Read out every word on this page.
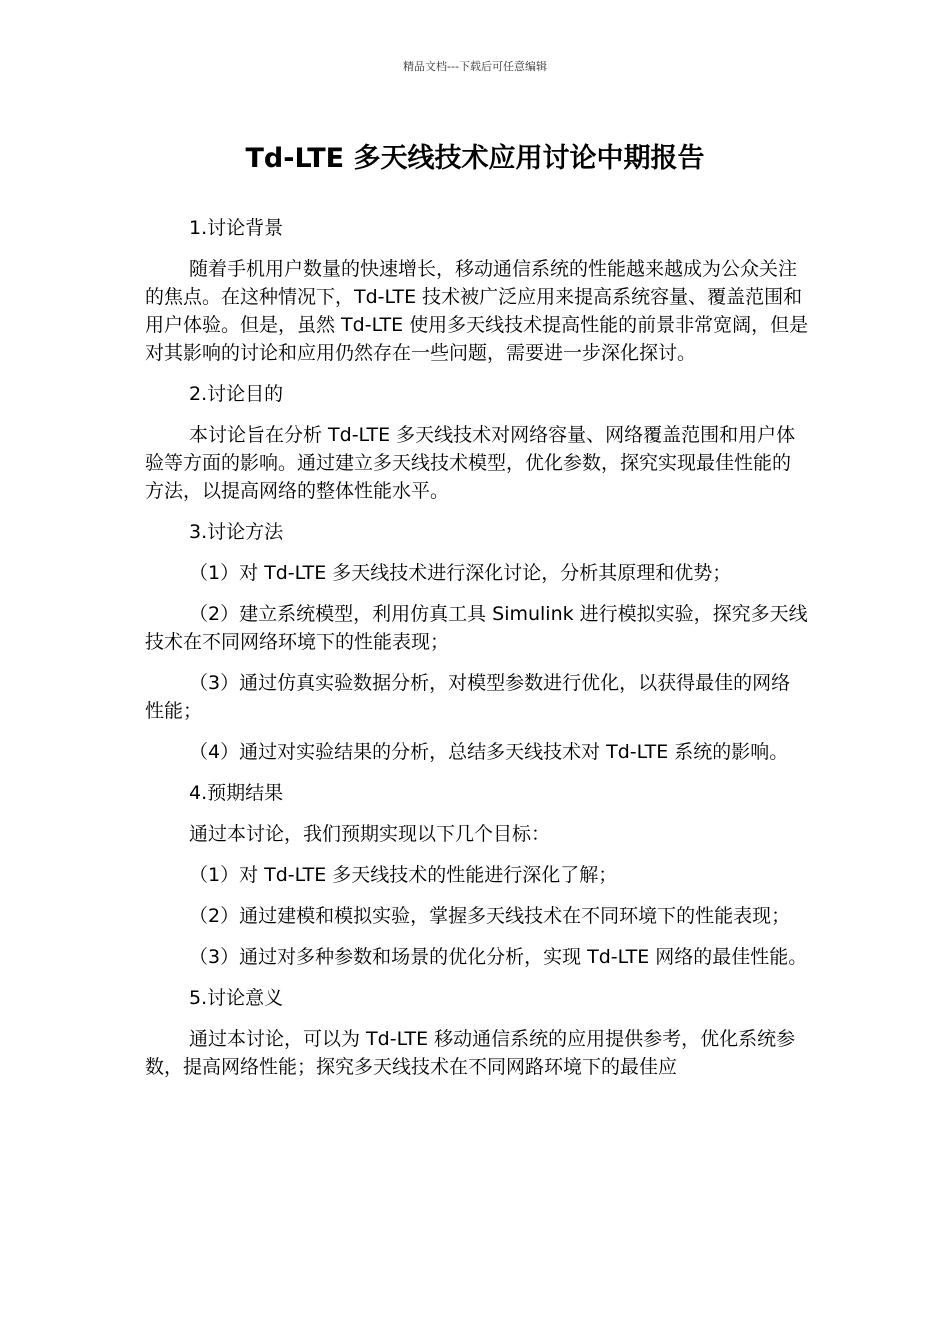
精品文档---下载后可任意编辑
Td-LTE 多天线技术应用讨论中期报告

1.讨论背景

随着手机用户数量的快速增长，移动通信系统的性能越来越成为公众关注的焦点。在这种情况下，Td-LTE 技术被广泛应用来提高系统容量、覆盖范围和用户体验。但是，虽然 Td-LTE 使用多天线技术提高性能的前景非常宽阔，但是对其影响的讨论和应用仍然存在一些问题，需要进一步深化探讨。

2.讨论目的

本讨论旨在分析 Td-LTE 多天线技术对网络容量、网络覆盖范围和用户体验等方面的影响。通过建立多天线技术模型，优化参数，探究实现最佳性能的方法，以提高网络的整体性能水平。

3.讨论方法

（1）对 Td-LTE 多天线技术进行深化讨论，分析其原理和优势；

（2）建立系统模型，利用仿真工具 Simulink 进行模拟实验，探究多天线技术在不同网络环境下的性能表现；

（3）通过仿真实验数据分析，对模型参数进行优化，以获得最佳的网络性能；

（4）通过对实验结果的分析，总结多天线技术对 Td-LTE 系统的影响。

4.预期结果

通过本讨论，我们预期实现以下几个目标：

（1）对 Td-LTE 多天线技术的性能进行深化了解；

（2）通过建模和模拟实验，掌握多天线技术在不同环境下的性能表现；

（3）通过对多种参数和场景的优化分析，实现 Td-LTE 网络的最佳性能。

5.讨论意义

通过本讨论，可以为 Td-LTE 移动通信系统的应用提供参考，优化系统参数，提高网络性能；探究多天线技术在不同网路环境下的最佳应
